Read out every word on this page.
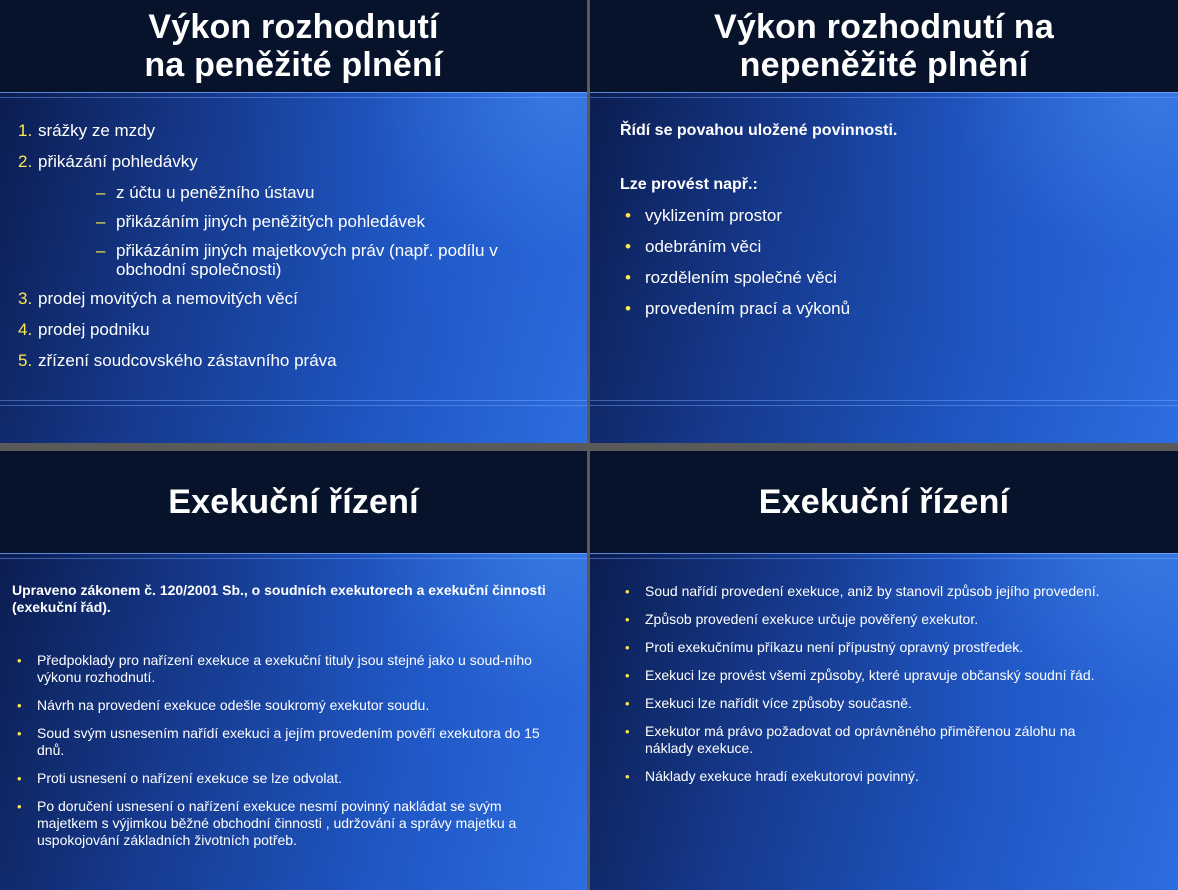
Výkon rozhodnutí
na peněžité plnění
1. srážky ze mzdy
2. přikázání pohledávky
– z účtu u peněžního ústavu
– přikázáním jiných peněžitých pohledávek
– přikázáním jiných majetkových práv (např. podílu v obchodní společnosti)
3. prodej movitých a nemovitých věcí
4. prodej podniku
5. zřízení soudcovského zástavního práva
Výkon rozhodnutí na
nepeněžité plnění
Řídí se povahou uložené povinnosti.
Lze provést např.:
• vyklizením prostor
• odebráním věci
• rozdělením společné věci
• provedením prací a výkonů
Exekuční řízení
Upraveno zákonem č. 120/2001 Sb., o soudních exekutorech a exekuční činnosti (exekuční řád).
• Předpoklady pro nařízení exekuce a exekuční tituly jsou stejné jako u soud-ního výkonu rozhodnutí.
• Návrh na provedení exekuce odešle soukromý exekutor soudu.
• Soud svým usnesením nařídí exekuci a jejím provedením pověří exekutora do 15 dnů.
• Proti usnesení o nařízení exekuce se lze odvolat.
• Po doručení usnesení o nařízení exekuce nesmí povinný nakládat se svým majetkem s výjimkou běžné obchodní činnosti , udržování a správy majetku a uspokojování základních životních potřeb.
Exekuční řízení
• Soud nařídí provedení exekuce, aniž by stanovil způsob jejího provedení.
• Způsob provedení exekuce určuje pověřený exekutor.
• Proti exekučnímu příkazu není přípustný opravný prostředek.
• Exekuci lze provést všemi způsoby, které upravuje občanský soudní řád.
• Exekuci lze nařídit více způsoby současně.
• Exekutor má právo požadovat od oprávněného přiměřenou zálohu na náklady exekuce.
• Náklady exekuce hradí exekutorovi povinný.
